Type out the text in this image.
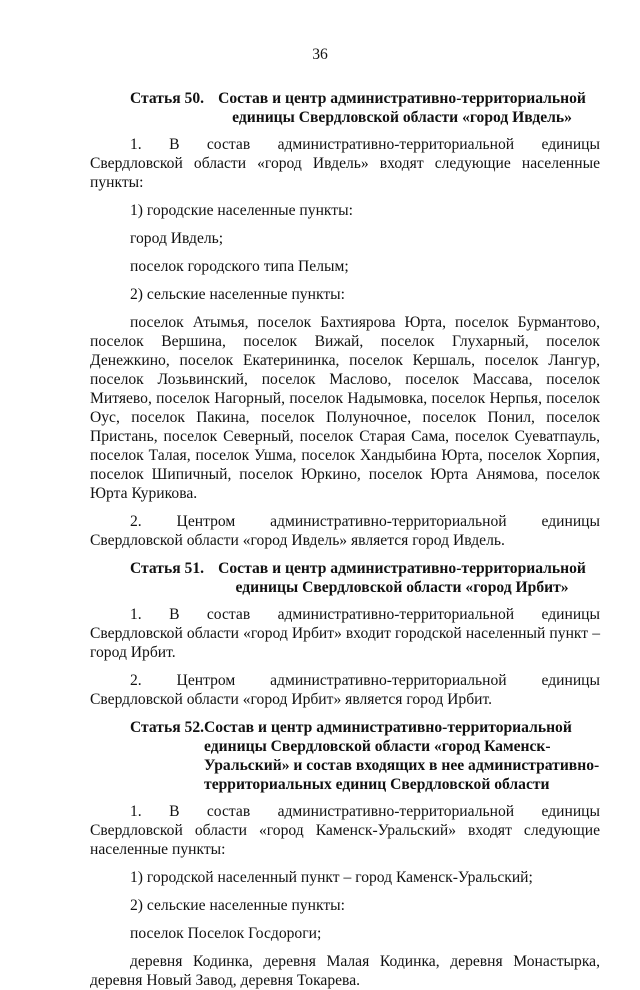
36
Статья 50. Состав и центр административно-территориальной единицы Свердловской области «город Ивдель»

1. В состав административно-территориальной единицы Свердловской области «город Ивдель» входят следующие населенные пункты:

1) городские населенные пункты:

город Ивдель;

поселок городского типа Пелым;

2) сельские населенные пункты:

поселок Атымья, поселок Бахтиярова Юрта, поселок Бурмантово, поселок Вершина, поселок Вижай, поселок Глухарный, поселок Денежкино, поселок Екатерининка, поселок Кершаль, поселок Лангур, поселок Лозьвинский, поселок Маслово, поселок Массава, поселок Митяево, поселок Нагорный, поселок Надымовка, поселок Нерпья, поселок Оус, поселок Пакина, поселок Полуночное, поселок Понил, поселок Пристань, поселок Северный, поселок Старая Сама, поселок Суеватпауль, поселок Талая, поселок Ушма, поселок Хандыбина Юрта, поселок Хорпия, поселок Шипичный, поселок Юркино, поселок Юрта Анямова, поселок Юрта Курикова.

2. Центром административно-территориальной единицы Свердловской области «город Ивдель» является город Ивдель.

Статья 51. Состав и центр административно-территориальной единицы Свердловской области «город Ирбит»

1. В состав административно-территориальной единицы Свердловской области «город Ирбит» входит городской населенный пункт – город Ирбит.

2. Центром административно-территориальной единицы Свердловской области «город Ирбит» является город Ирбит.

Статья 52. Состав и центр административно-территориальной единицы Свердловской области «город Каменск-Уральский» и состав входящих в нее административно-территориальных единиц Свердловской области

1. В состав административно-территориальной единицы Свердловской области «город Каменск-Уральский» входят следующие населенные пункты:

1) городской населенный пункт – город Каменск-Уральский;

2) сельские населенные пункты:

поселок Поселок Госдороги;

деревня Кодинка, деревня Малая Кодинка, деревня Монастырка, деревня Новый Завод, деревня Токарева.
